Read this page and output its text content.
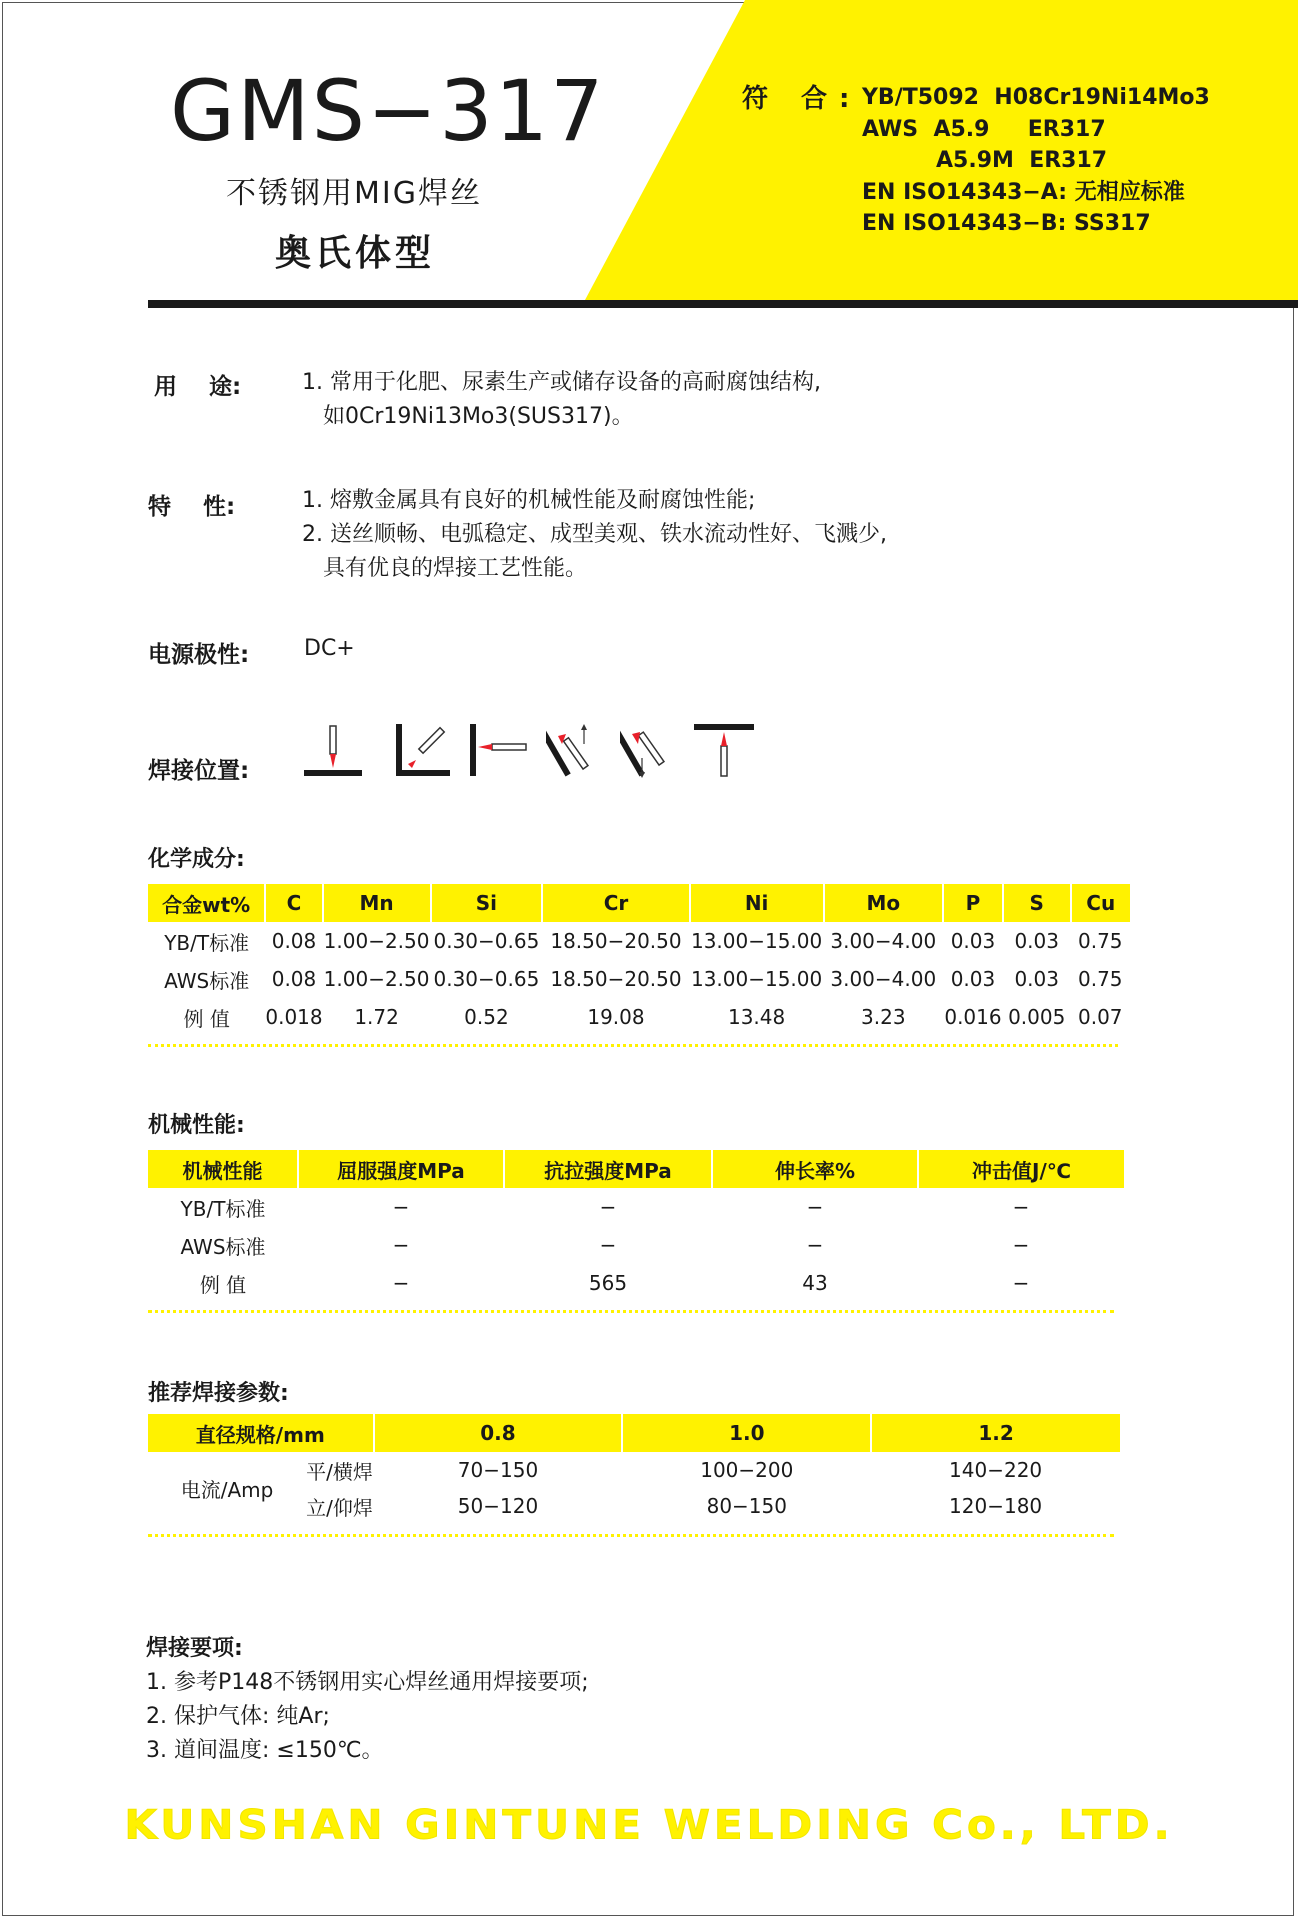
GMS−317
不锈钢用MIG焊丝
奥氏体型
符 合: YB/T5092  H08Cr19Ni14Mo3
AWS  A5.9     ER317
A5.9M  ER317
EN ISO14343−A: 无相应标准
EN ISO14343−B: SS317
用    途:	1. 常用于化肥、尿素生产或储存设备的高耐腐蚀结构,
如0Cr19Ni13Mo3(SUS317)。
特    性:	1. 熔敷金属具有良好的机械性能及耐腐蚀性能;
2. 送丝顺畅、电弧稳定、成型美观、铁水流动性好、飞溅少,
具有优良的焊接工艺性能。
电源极性: DC+
焊接位置:
化学成分:
合金wt%	C	Mn	Si	Cr	Ni	Mo	P	S	Cu
YB/T标准	0.08	1.00−2.50	0.30−0.65	18.50−20.50	13.00−15.00	3.00−4.00	0.03	0.03	0.75
AWS标准	0.08	1.00−2.50	0.30−0.65	18.50−20.50	13.00−15.00	3.00−4.00	0.03	0.03	0.75
例 值	0.018	1.72	0.52	19.08	13.48	3.23	0.016	0.005	0.07
机械性能:
机械性能	屈服强度MPa	抗拉强度MPa	伸长率%	冲击值J/℃
YB/T标准	−	−	−	−
AWS标准	−	−	−	−
例 值	−	565	43	−
推荐焊接参数:
直径规格/mm		0.8	1.0	1.2
电流/Amp	平/横焊	70−150	100−200	140−220
	立/仰焊	50−120	80−150	120−180
焊接要项:
1. 参考P148不锈钢用实心焊丝通用焊接要项;
2. 保护气体: 纯Ar;
3. 道间温度: ≤150℃。
KUNSHAN GINTUNE WELDING Co., LTD.
